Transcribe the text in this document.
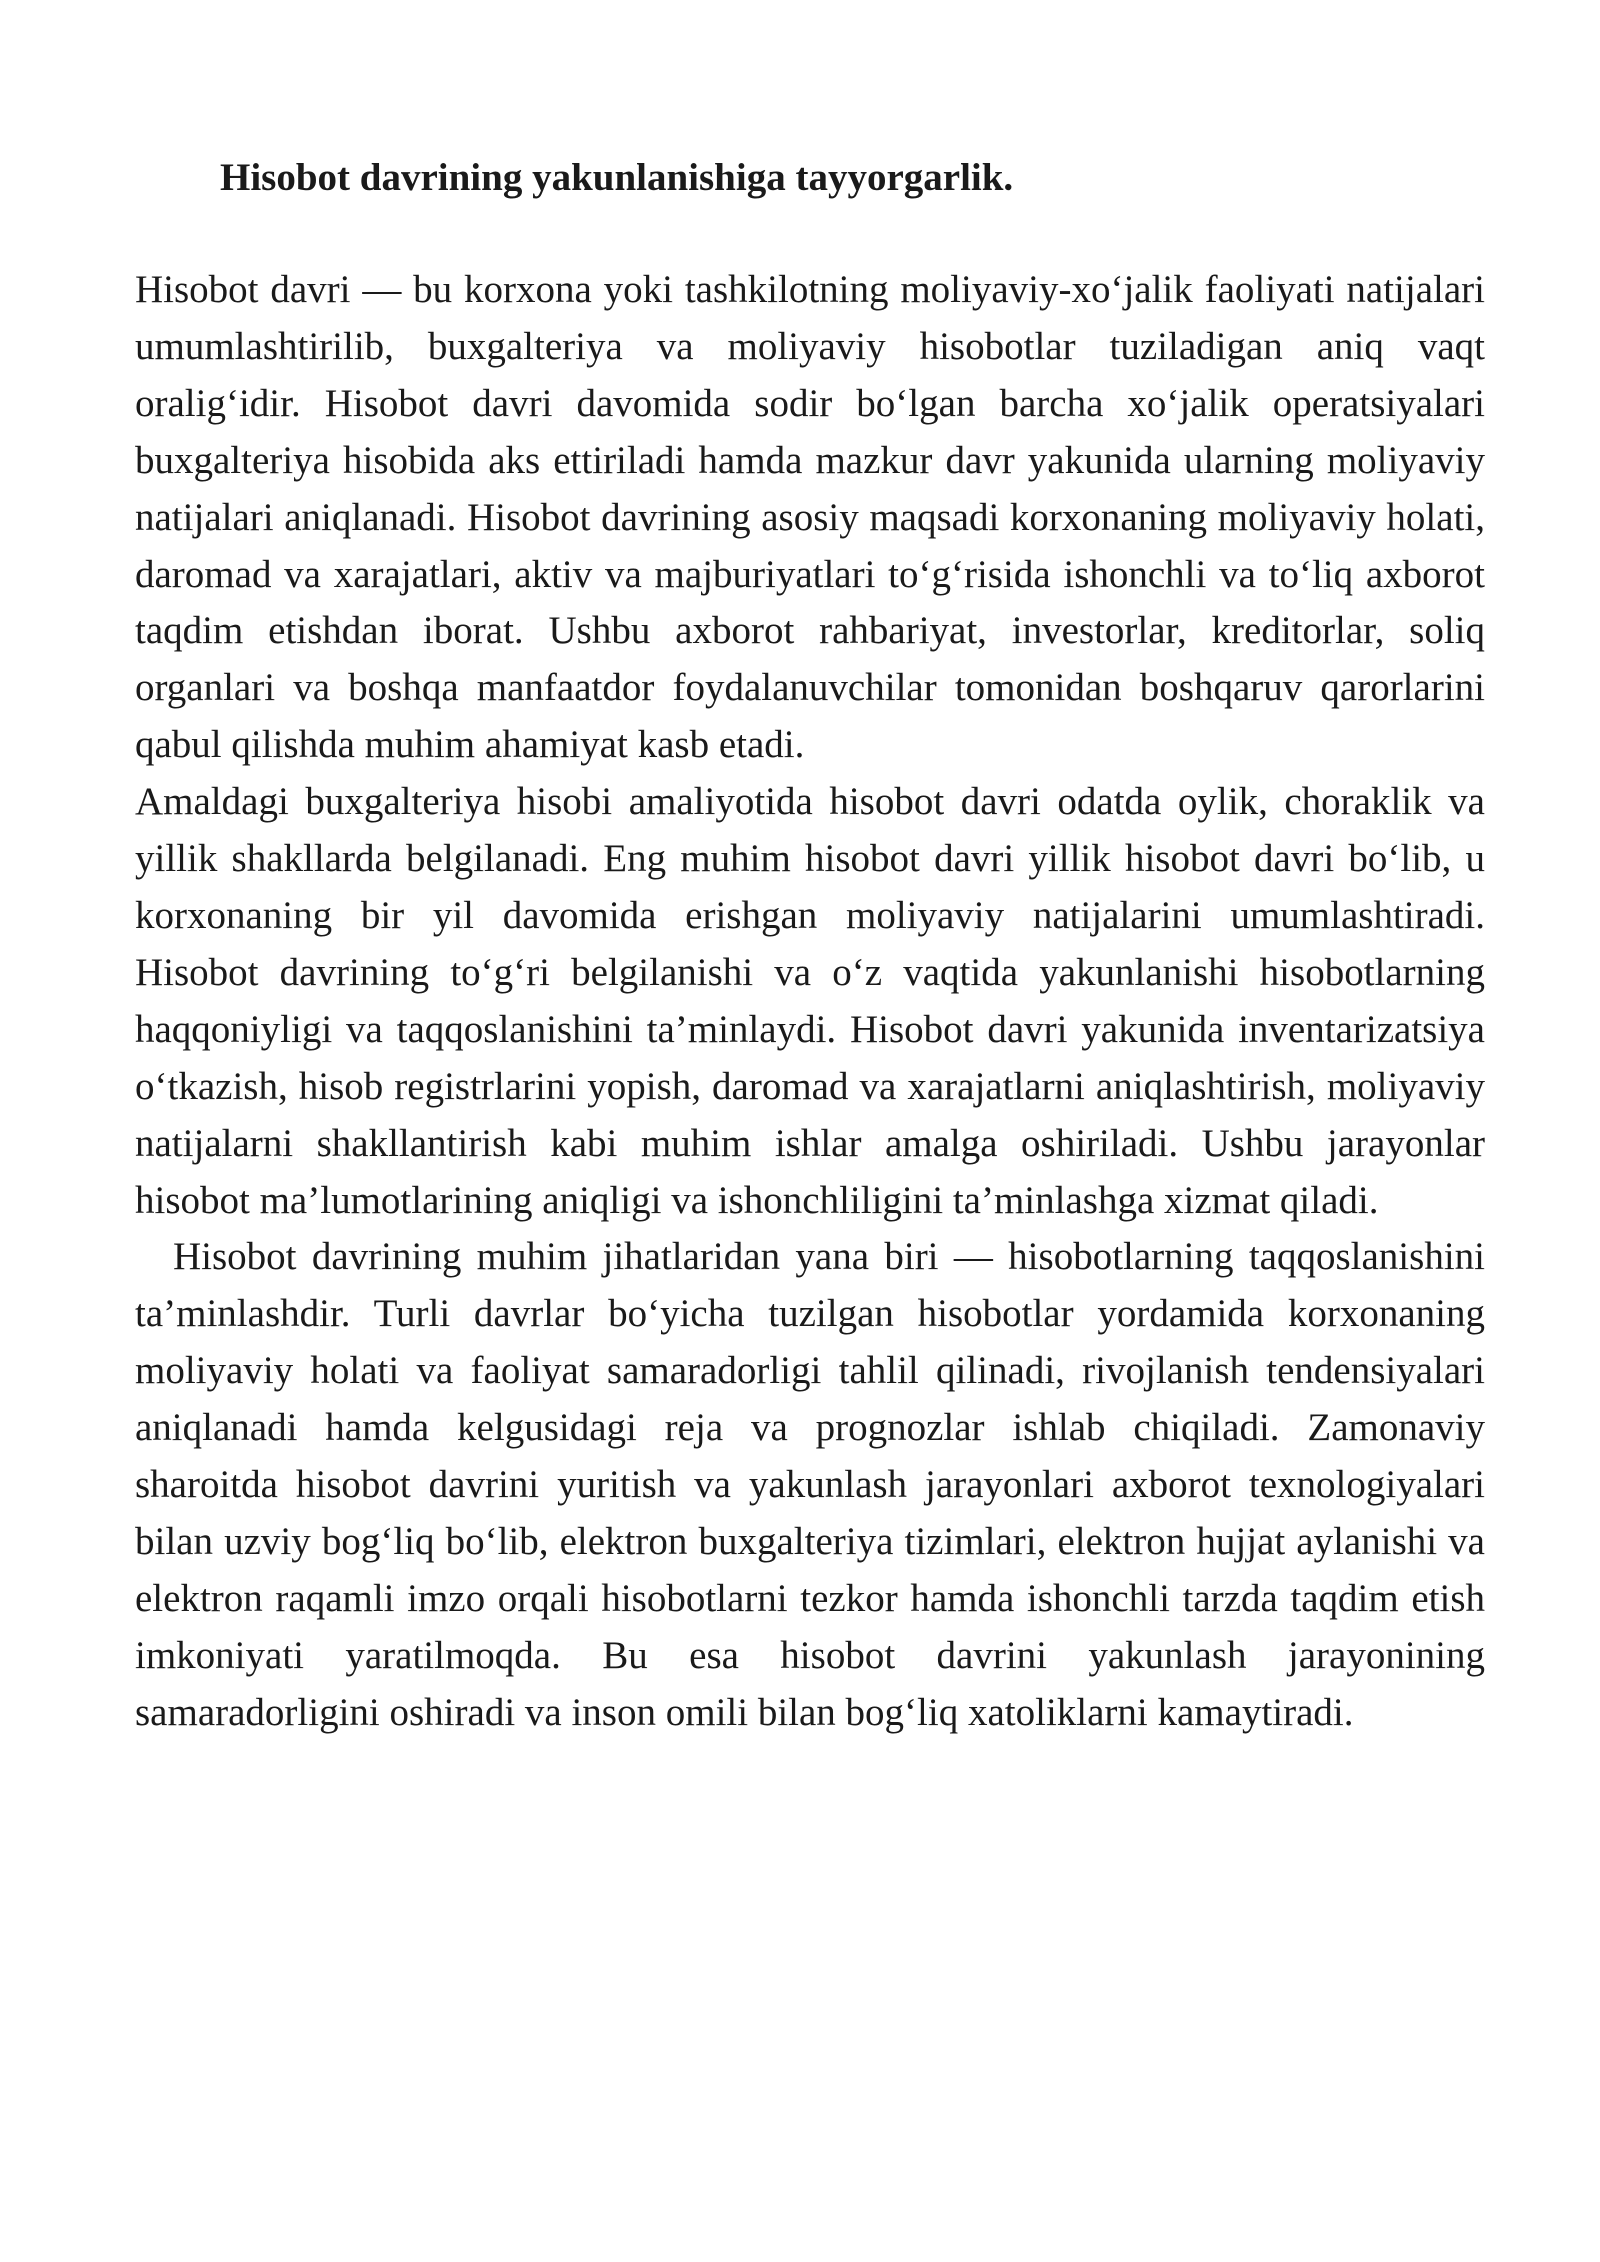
Hisobot davrining yakunlanishiga tayyorgarlik.

Hisobot davri — bu korxona yoki tashkilotning moliyaviy-xo‘jalik faoliyati natijalari umumlashtirilib, buxgalteriya va moliyaviy hisobotlar tuziladigan aniq vaqt oralig‘idir. Hisobot davri davomida sodir bo‘lgan barcha xo‘jalik operatsiyalari buxgalteriya hisobida aks ettiriladi hamda mazkur davr yakunida ularning moliyaviy natijalari aniqlanadi. Hisobot davrining asosiy maqsadi korxonaning moliyaviy holati, daromad va xarajatlari, aktiv va majburiyatlari to‘g‘risida ishonchli va to‘liq axborot taqdim etishdan iborat. Ushbu axborot rahbariyat, investorlar, kreditorlar, soliq organlari va boshqa manfaatdor foydalanuvchilar tomonidan boshqaruv qarorlarini qabul qilishda muhim ahamiyat kasb etadi.

Amaldagi buxgalteriya hisobi amaliyotida hisobot davri odatda oylik, choraklik va yillik shakllarda belgilanadi. Eng muhim hisobot davri yillik hisobot davri bo‘lib, u korxonaning bir yil davomida erishgan moliyaviy natijalarini umumlashtiradi. Hisobot davrining to‘g‘ri belgilanishi va o‘z vaqtida yakunlanishi hisobotlarning haqqoniyligi va taqqoslanishini ta’minlaydi. Hisobot davri yakunida inventarizatsiya o‘tkazish, hisob registrlarini yopish, daromad va xarajatlarni aniqlashtirish, moliyaviy natijalarni shakllantirish kabi muhim ishlar amalga oshiriladi. Ushbu jarayonlar hisobot ma’lumotlarining aniqligi va ishonchliligini ta’minlashga xizmat qiladi.

Hisobot davrining muhim jihatlaridan yana biri — hisobotlarning taqqoslanishini ta’minlashdir. Turli davrlar bo‘yicha tuzilgan hisobotlar yordamida korxonaning moliyaviy holati va faoliyat samaradorligi tahlil qilinadi, rivojlanish tendensiyalari aniqlanadi hamda kelgusidagi reja va prognozlar ishlab chiqiladi. Zamonaviy sharoitda hisobot davrini yuritish va yakunlash jarayonlari axborot texnologiyalari bilan uzviy bog‘liq bo‘lib, elektron buxgalteriya tizimlari, elektron hujjat aylanishi va elektron raqamli imzo orqali hisobotlarni tezkor hamda ishonchli tarzda taqdim etish imkoniyati yaratilmoqda. Bu esa hisobot davrini yakunlash jarayonining samaradorligini oshiradi va inson omili bilan bog‘liq xatoliklarni kamaytiradi.
